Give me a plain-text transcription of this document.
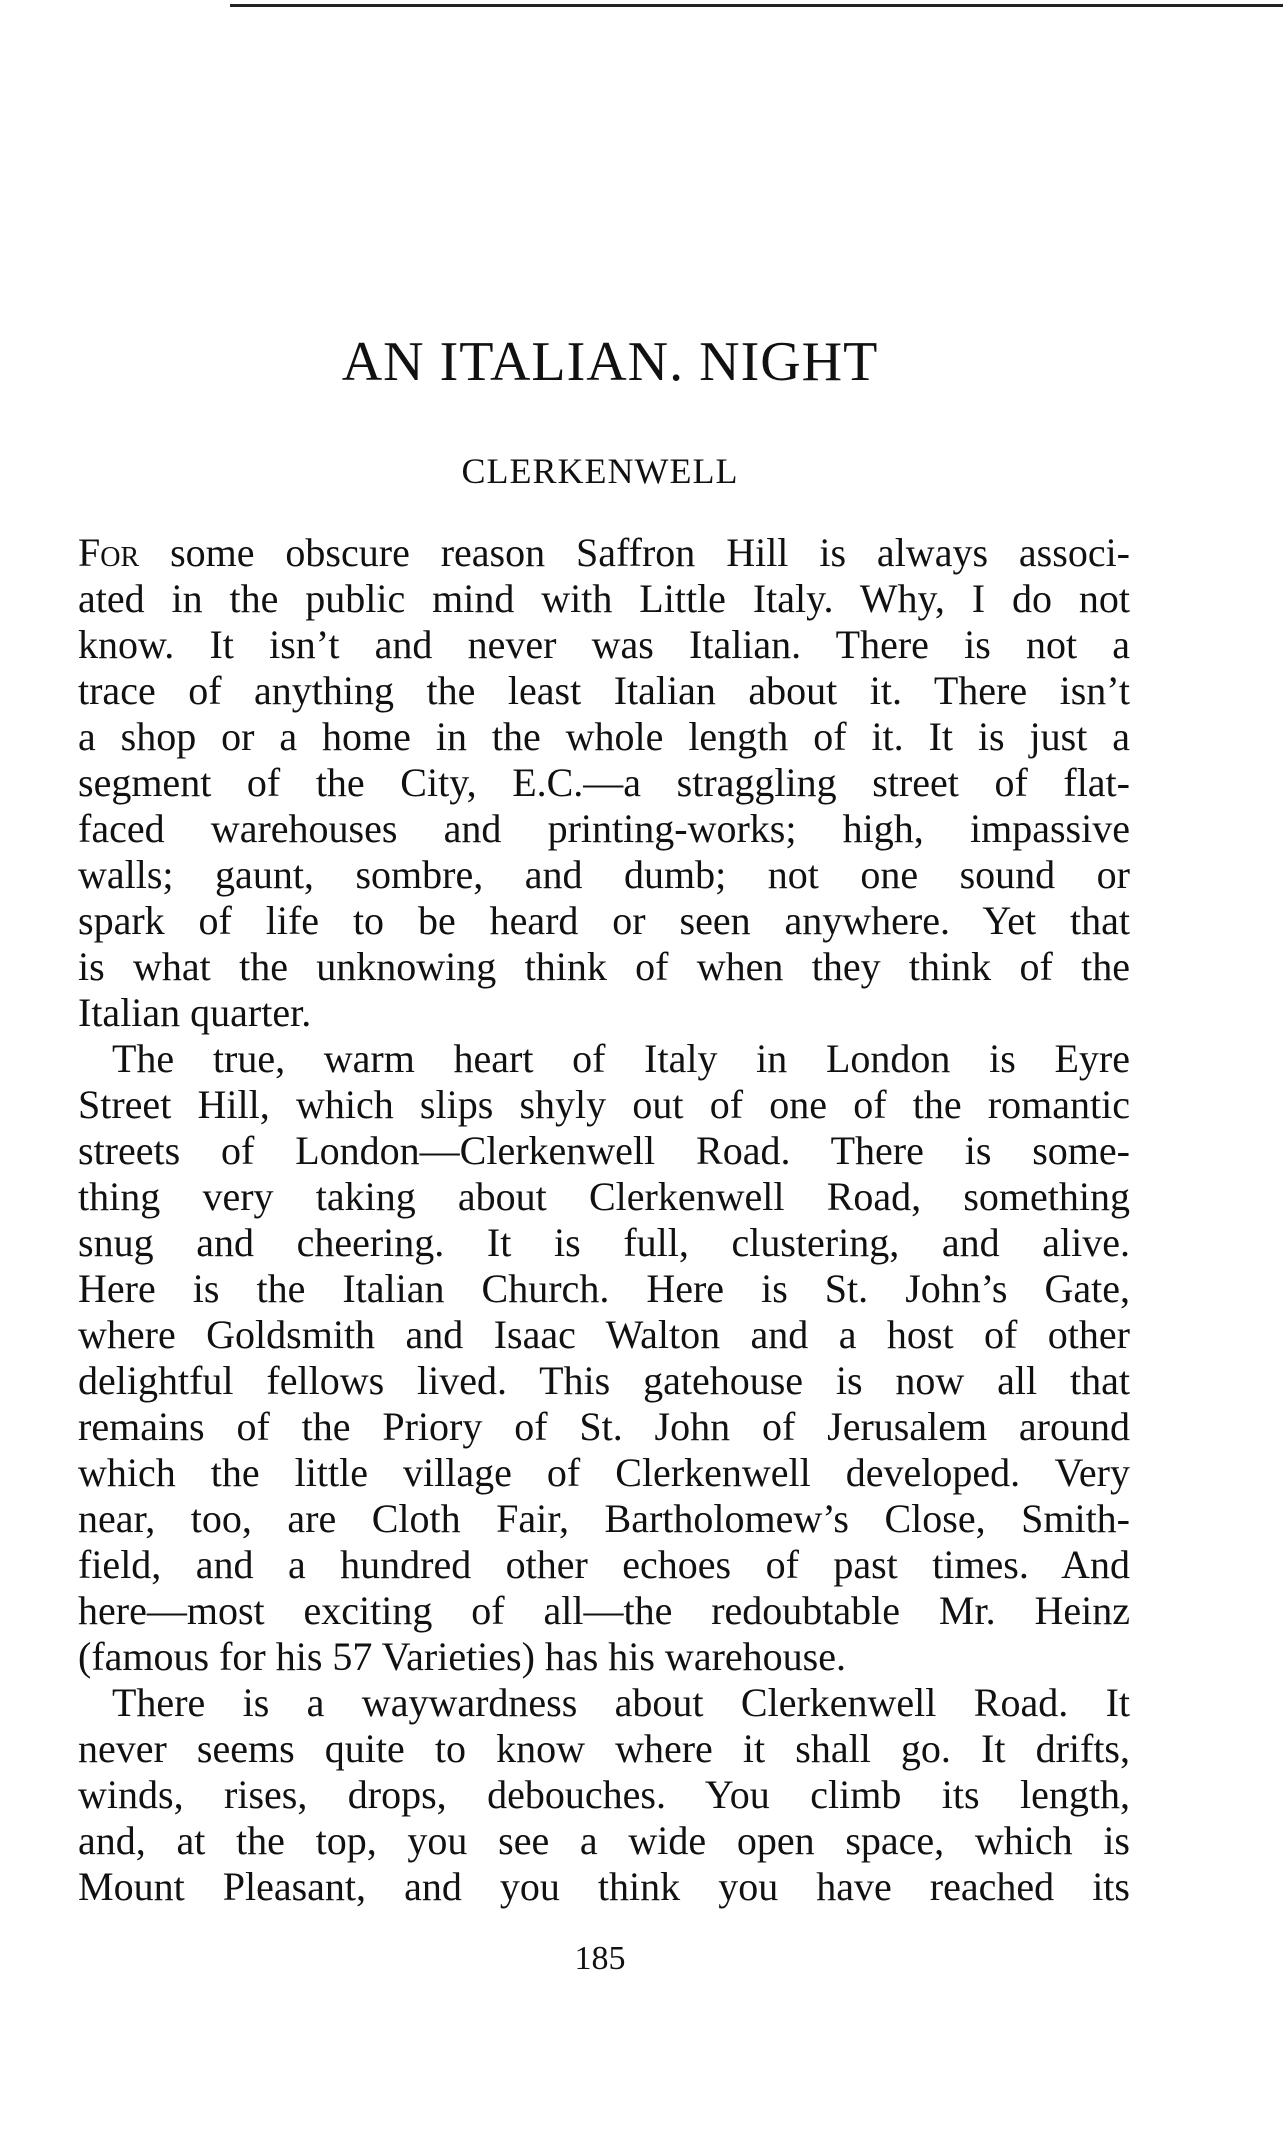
AN ITALIAN. NIGHT
CLERKENWELL
For some obscure reason Saffron Hill is always associ-
ated in the public mind with Little Italy. Why, I do not
know. It isn’t and never was Italian. There is not a
trace of anything the least Italian about it. There isn’t
a shop or a home in the whole length of it. It is just a
segment of the City, E.C.—a straggling street of flat-
faced warehouses and printing-works; high, impassive
walls; gaunt, sombre, and dumb; not one sound or
spark of life to be heard or seen anywhere. Yet that
is what the unknowing think of when they think of the
Italian quarter.
The true, warm heart of Italy in London is Eyre
Street Hill, which slips shyly out of one of the romantic
streets of London—Clerkenwell Road. There is some-
thing very taking about Clerkenwell Road, something
snug and cheering. It is full, clustering, and alive.
Here is the Italian Church. Here is St. John’s Gate,
where Goldsmith and Isaac Walton and a host of other
delightful fellows lived. This gatehouse is now all that
remains of the Priory of St. John of Jerusalem around
which the little village of Clerkenwell developed. Very
near, too, are Cloth Fair, Bartholomew’s Close, Smith-
field, and a hundred other echoes of past times. And
here—most exciting of all—the redoubtable Mr. Heinz
(famous for his 57 Varieties) has his warehouse.
There is a waywardness about Clerkenwell Road. It
never seems quite to know where it shall go. It drifts,
winds, rises, drops, debouches. You climb its length,
and, at the top, you see a wide open space, which is
Mount Pleasant, and you think you have reached its
185
